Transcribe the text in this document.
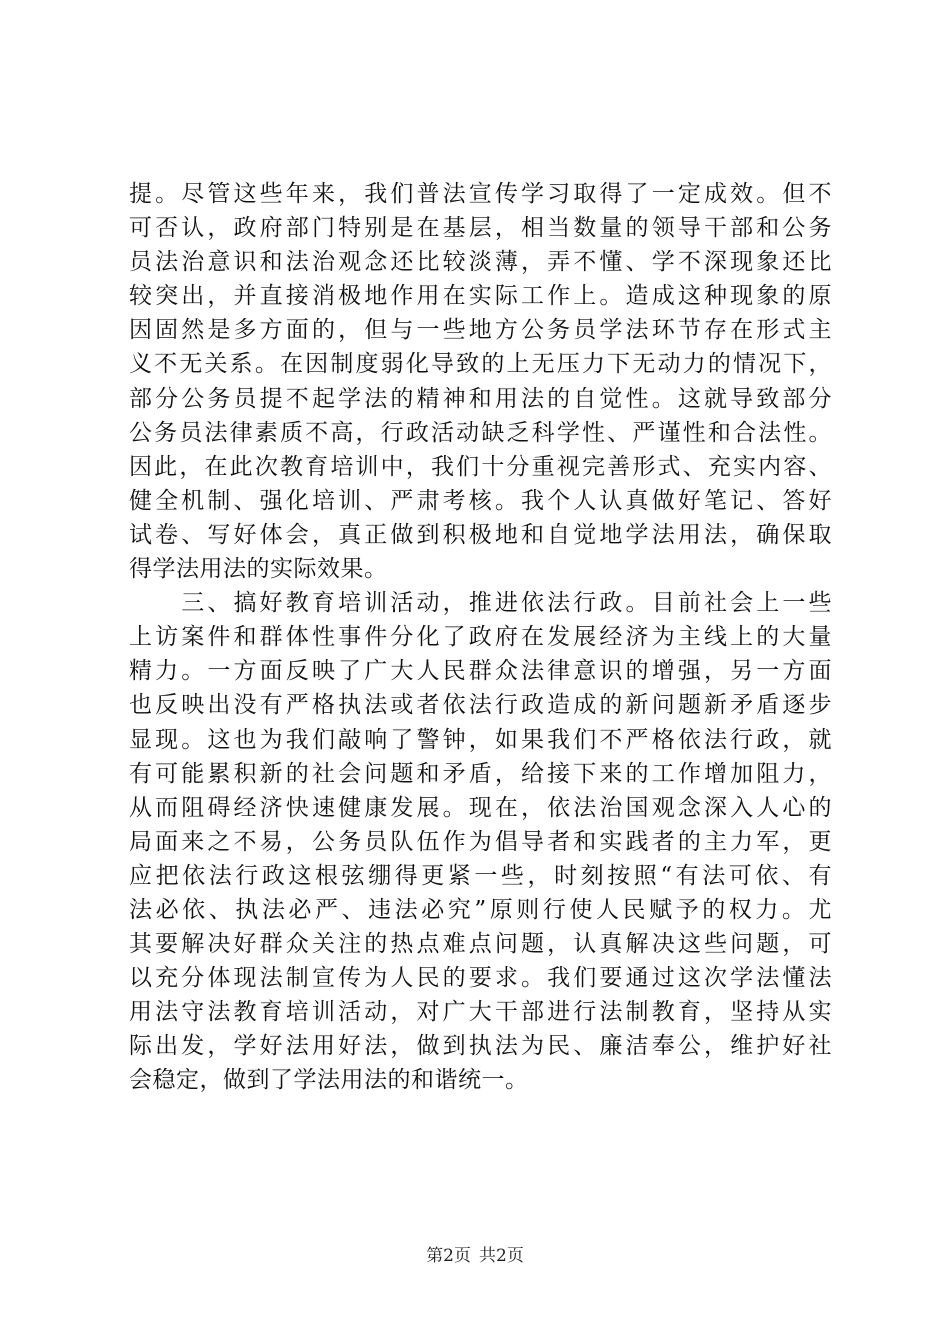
提。尽管这些年来，我们普法宣传学习取得了一定成效。但不
可否认，政府部门特别是在基层，相当数量的领导干部和公务
员法治意识和法治观念还比较淡薄，弄不懂、学不深现象还比
较突出，并直接消极地作用在实际工作上。造成这种现象的原
因固然是多方面的，但与一些地方公务员学法环节存在形式主
义不无关系。在因制度弱化导致的上无压力下无动力的情况下，
部分公务员提不起学法的精神和用法的自觉性。这就导致部分
公务员法律素质不高，行政活动缺乏科学性、严谨性和合法性。
因此，在此次教育培训中，我们十分重视完善形式、充实内容、
健全机制、强化培训、严肃考核。我个人认真做好笔记、答好
试卷、写好体会，真正做到积极地和自觉地学法用法，确保取
得学法用法的实际效果。
　　三、搞好教育培训活动，推进依法行政。目前社会上一些
上访案件和群体性事件分化了政府在发展经济为主线上的大量
精力。一方面反映了广大人民群众法律意识的增强，另一方面
也反映出没有严格执法或者依法行政造成的新问题新矛盾逐步
显现。这也为我们敲响了警钟，如果我们不严格依法行政，就
有可能累积新的社会问题和矛盾，给接下来的工作增加阻力，
从而阻碍经济快速健康发展。现在，依法治国观念深入人心的
局面来之不易，公务员队伍作为倡导者和实践者的主力军，更
应把依法行政这根弦绷得更紧一些，时刻按照“有法可依、有
法必依、执法必严、违法必究”原则行使人民赋予的权力。尤
其要解决好群众关注的热点难点问题，认真解决这些问题，可
以充分体现法制宣传为人民的要求。我们要通过这次学法懂法
用法守法教育培训活动，对广大干部进行法制教育，坚持从实
际出发，学好法用好法，做到执法为民、廉洁奉公，维护好社
会稳定，做到了学法用法的和谐统一。
第2页 共2页
